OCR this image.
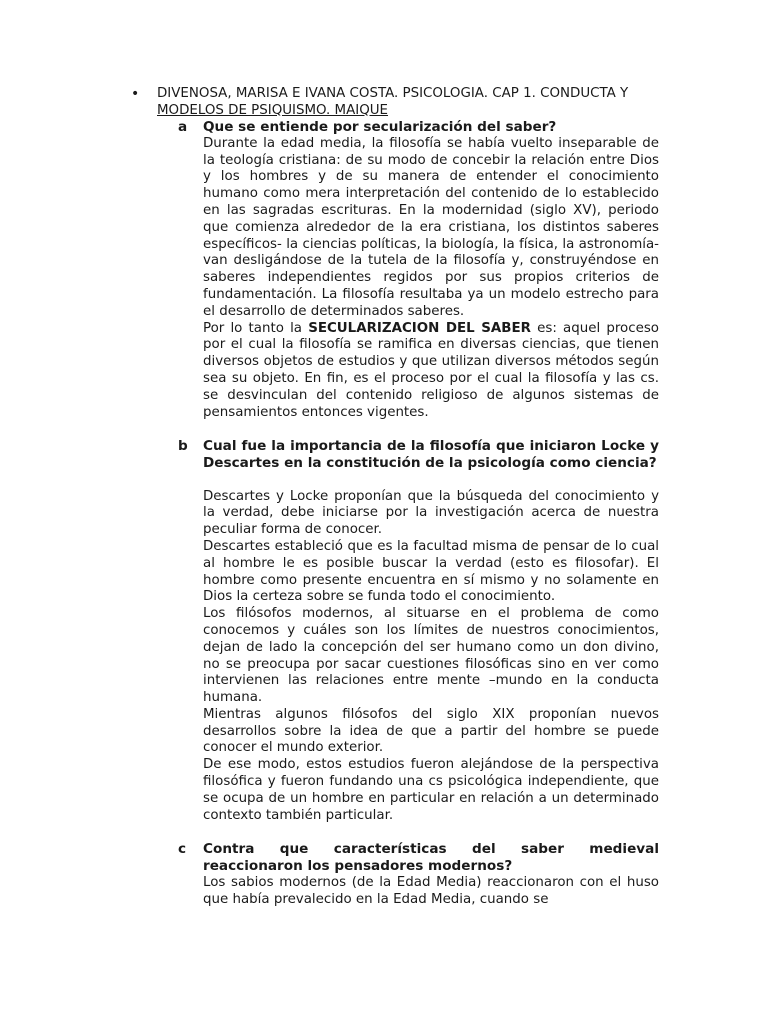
• DIVENOSA, MARISA E IVANA COSTA. PSICOLOGIA. CAP 1. CONDUCTA Y
MODELOS DE PSIQUISMO. MAIQUE
a	Que se entiende por secularización del saber?

Durante la edad media, la filosofía se había vuelto inseparable de la teología cristiana: de su modo de concebir la relación entre Dios y los hombres y de su manera de entender el conocimiento humano como mera interpretación del contenido de lo establecido en las sagradas escrituras. En la modernidad (siglo XV), periodo que comienza alrededor de la era cristiana, los distintos saberes específicos- la ciencias políticas, la biología, la física, la astronomía-van desligándose de la tutela de la filosofía y, construyéndose en saberes independientes regidos por sus propios criterios de fundamentación. La filosofía resultaba ya un modelo estrecho para el desarrollo de determinados saberes.

Por lo tanto la SECULARIZACION DEL SABER es: aquel proceso por el cual la filosofía se ramifica en diversas ciencias, que tienen diversos objetos de estudios y que utilizan diversos métodos según sea su objeto. En fin, es el proceso por el cual la filosofía y las cs. se desvinculan del contenido religioso de algunos sistemas de pensamientos entonces vigentes.

b	Cual fue la importancia de la filosofía que iniciaron Locke y Descartes en la constitución de la psicología como ciencia?

Descartes y Locke proponían que la búsqueda del conocimiento y la verdad, debe iniciarse por la investigación acerca de nuestra peculiar forma de conocer.

Descartes estableció que es la facultad misma de pensar de lo cual al hombre le es posible buscar la verdad (esto es filosofar). El hombre como presente encuentra en sí mismo y no solamente en Dios la certeza sobre se funda todo el conocimiento.

Los filósofos modernos, al situarse en el problema de como conocemos y cuáles son los límites de nuestros conocimientos, dejan de lado la concepción del ser humano como un don divino, no se preocupa por sacar cuestiones filosóficas sino en ver como intervienen las relaciones entre mente –mundo en la conducta humana.

Mientras algunos filósofos del siglo XIX proponían nuevos desarrollos sobre la idea de que a partir del hombre se puede conocer el mundo exterior.

De ese modo, estos estudios fueron alejándose de la perspectiva filosófica y fueron fundando una cs psicológica independiente, que se ocupa de un hombre en particular en relación a un determinado contexto también particular.

c	Contra que características del saber medieval reaccionaron los pensadores modernos?

Los sabios modernos (de la Edad Media) reaccionaron con el huso que había prevalecido en la Edad Media, cuando se
